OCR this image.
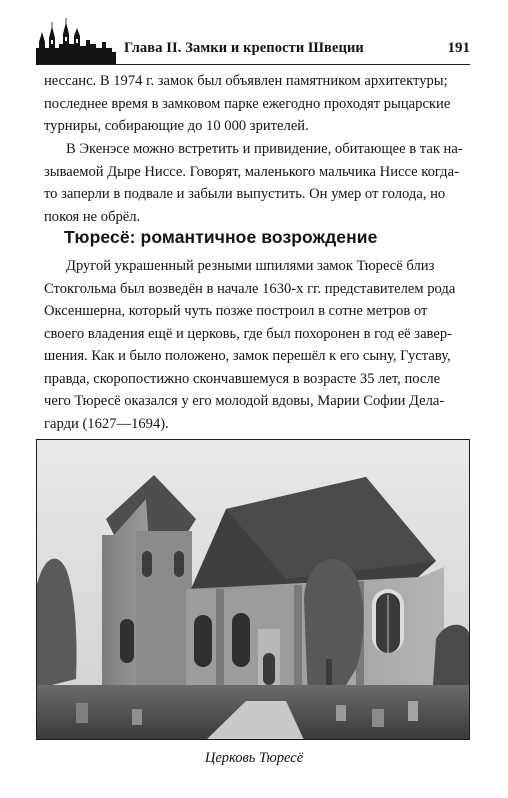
Глава II. Замки и крепости Швеции	191
нессанс. В 1974 г. замок был объявлен памятником архитектуры;
последнее время в замковом парке ежегодно проходят рыцарские
турниры, собирающие до 10 000 зрителей.
В Экенэсе можно встретить и привидение, обитающее в так на-
зываемой Дыре Ниссе. Говорят, маленького мальчика Ниссе когда-
то заперли в подвале и забыли выпустить. Он умер от голода, но
покоя не обрёл.
Тюресё: романтичное возрождение
Другой украшенный резными шпилями замок Тюресё близ
Стокгольма был возведён в начале 1630-х гг. представителем рода
Оксеншерна, который чуть позже построил в сотне метров от
своего владения ещё и церковь, где был похоронен в год её завер-
шения. Как и было положено, замок перешёл к его сыну, Густаву,
правда, скоропостижно скончавшемуся в возрасте 35 лет, после
чего Тюресё оказался у его молодой вдовы, Марии Софии Делa-
гарди (1627—1694).
Церковь Тюресё
